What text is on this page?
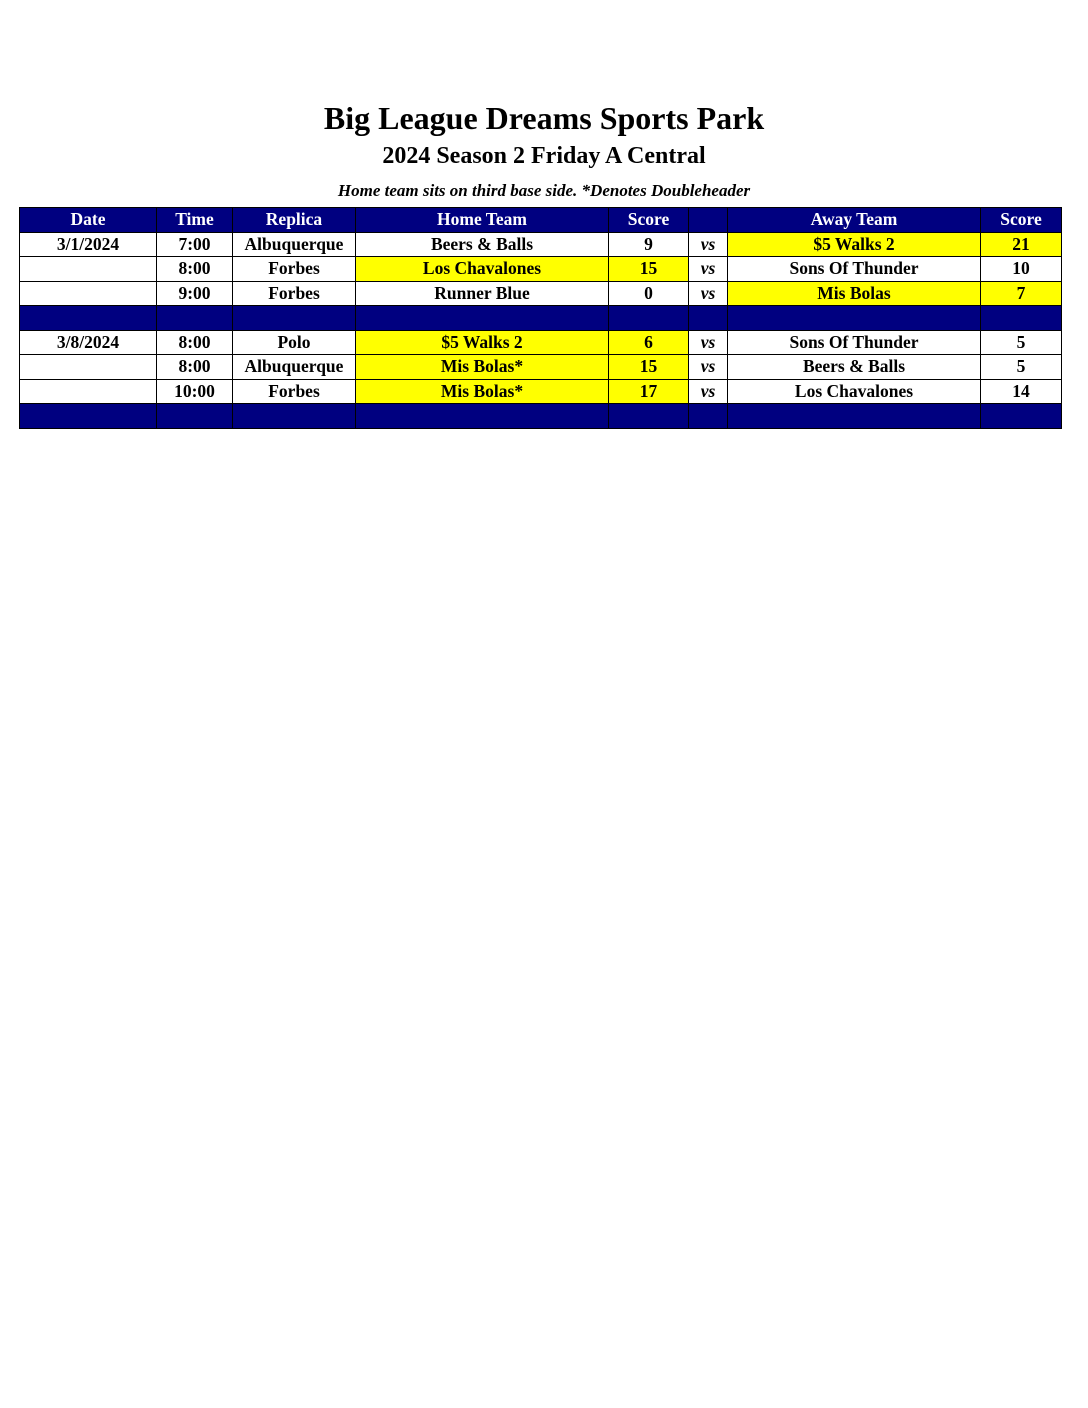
Big League Dreams Sports Park
2024 Season 2 Friday A Central
Home team sits on third base side. *Denotes Doubleheader
Date	Time	Replica	Home Team	Score		Away Team	Score
3/1/2024	7:00	Albuquerque	Beers & Balls	9	vs	$5 Walks 2	21
	8:00	Forbes	Los Chavalones	15	vs	Sons Of Thunder	10
	9:00	Forbes	Runner Blue	0	vs	Mis Bolas	7

3/8/2024	8:00	Polo	$5 Walks 2	6	vs	Sons Of Thunder	5
	8:00	Albuquerque	Mis Bolas*	15	vs	Beers & Balls	5
	10:00	Forbes	Mis Bolas*	17	vs	Los Chavalones	14
